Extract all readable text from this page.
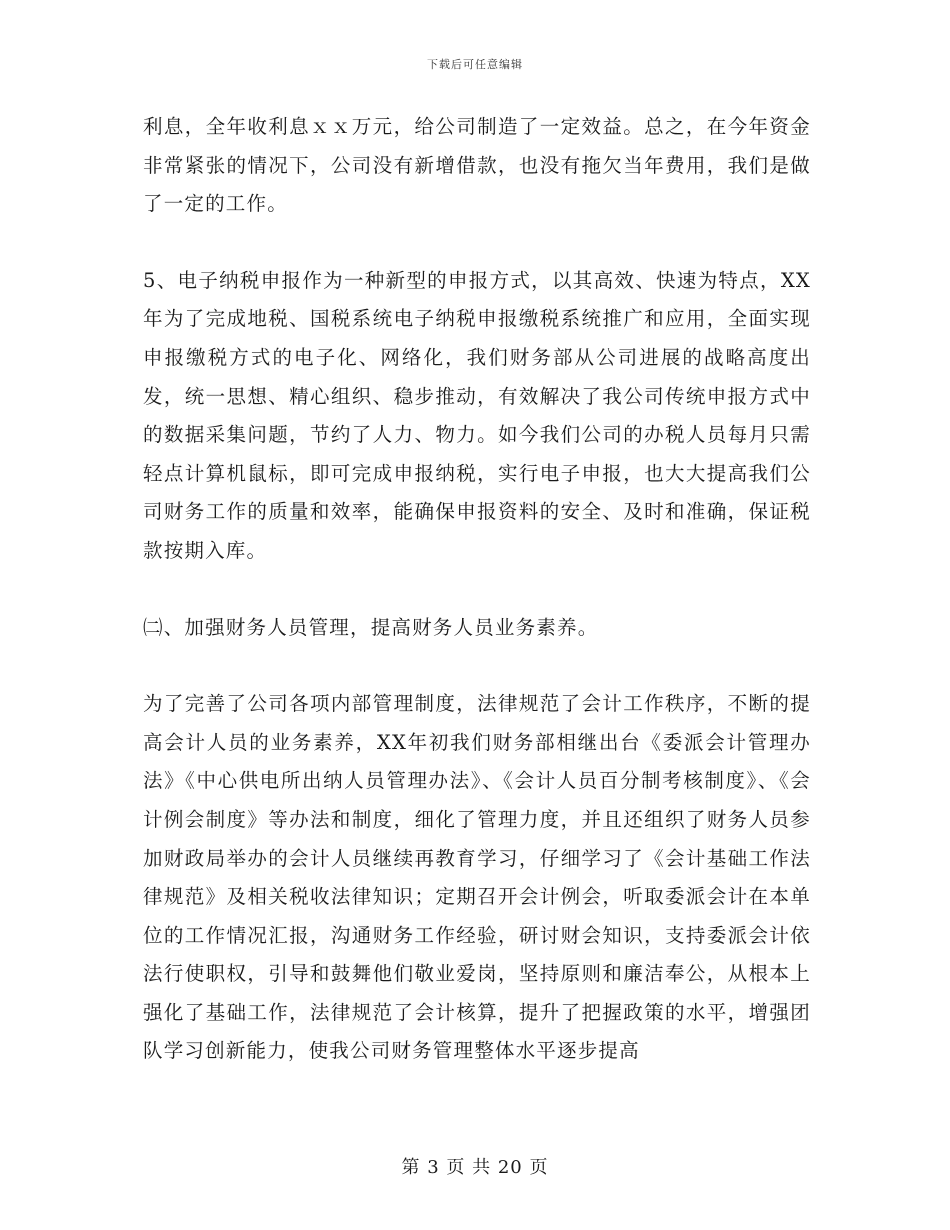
下载后可任意编辑

利息，全年收利息ｘｘ万元，给公司制造了一定效益。总之，在今年资金非常紧张的情况下，公司没有新增借款，也没有拖欠当年费用，我们是做了一定的工作。

5、电子纳税申报作为一种新型的申报方式，以其高效、快速为特点，XX年为了完成地税、国税系统电子纳税申报缴税系统推广和应用，全面实现申报缴税方式的电子化、网络化，我们财务部从公司进展的战略高度出发，统一思想、精心组织、稳步推动，有效解决了我公司传统申报方式中的数据采集问题，节约了人力、物力。如今我们公司的办税人员每月只需轻点计算机鼠标，即可完成申报纳税，实行电子申报，也大大提高我们公司财务工作的质量和效率，能确保申报资料的安全、及时和准确，保证税款按期入库。

㈡、加强财务人员管理，提高财务人员业务素养。

为了完善了公司各项内部管理制度，法律规范了会计工作秩序，不断的提高会计人员的业务素养，XX年初我们财务部相继出台《委派会计管理办法》《中心供电所出纳人员管理办法》、《会计人员百分制考核制度》、《会计例会制度》等办法和制度，细化了管理力度，并且还组织了财务人员参加财政局举办的会计人员继续再教育学习，仔细学习了《会计基础工作法律规范》及相关税收法律知识；定期召开会计例会，听取委派会计在本单位的工作情况汇报，沟通财务工作经验，研讨财会知识，支持委派会计依法行使职权，引导和鼓舞他们敬业爱岗，坚持原则和廉洁奉公，从根本上强化了基础工作，法律规范了会计核算，提升了把握政策的水平，增强团队学习创新能力，使我公司财务管理整体水平逐步提高

第 3 页 共 20 页
